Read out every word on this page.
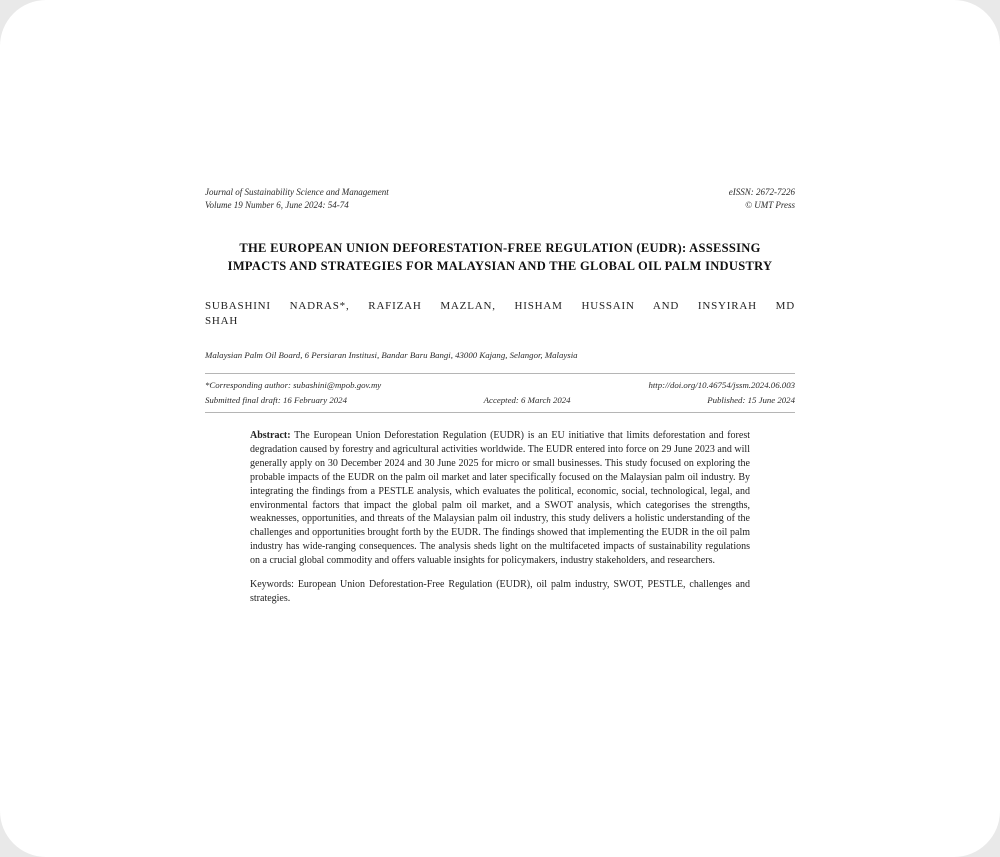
Journal of Sustainability Science and Management
Volume 19 Number 6, June 2024: 54-74
eISSN: 2672-7226
© UMT Press
THE EUROPEAN UNION DEFORESTATION-FREE REGULATION (EUDR): ASSESSING IMPACTS AND STRATEGIES FOR MALAYSIAN AND THE GLOBAL OIL PALM INDUSTRY
SUBASHINI NADRAS*, RAFIZAH MAZLAN, HISHAM HUSSAIN AND INSYIRAH MD SHAH
Malaysian Palm Oil Board, 6 Persiaran Institusi, Bandar Baru Bangi, 43000 Kajang, Selangor, Malaysia
*Corresponding author: subashini@mpob.gov.my	http://doi.org/10.46754/jssm.2024.06.003
Submitted final draft: 16 February 2024	Accepted: 6 March 2024	Published: 15 June 2024
Abstract: The European Union Deforestation Regulation (EUDR) is an EU initiative that limits deforestation and forest degradation caused by forestry and agricultural activities worldwide. The EUDR entered into force on 29 June 2023 and will generally apply on 30 December 2024 and 30 June 2025 for micro or small businesses. This study focused on exploring the probable impacts of the EUDR on the palm oil market and later specifically focused on the Malaysian palm oil industry. By integrating the findings from a PESTLE analysis, which evaluates the political, economic, social, technological, legal, and environmental factors that impact the global palm oil market, and a SWOT analysis, which categorises the strengths, weaknesses, opportunities, and threats of the Malaysian palm oil industry, this study delivers a holistic understanding of the challenges and opportunities brought forth by the EUDR. The findings showed that implementing the EUDR in the oil palm industry has wide-ranging consequences. The analysis sheds light on the multifaceted impacts of sustainability regulations on a crucial global commodity and offers valuable insights for policymakers, industry stakeholders, and researchers.
Keywords: European Union Deforestation-Free Regulation (EUDR), oil palm industry, SWOT, PESTLE, challenges and strategies.
